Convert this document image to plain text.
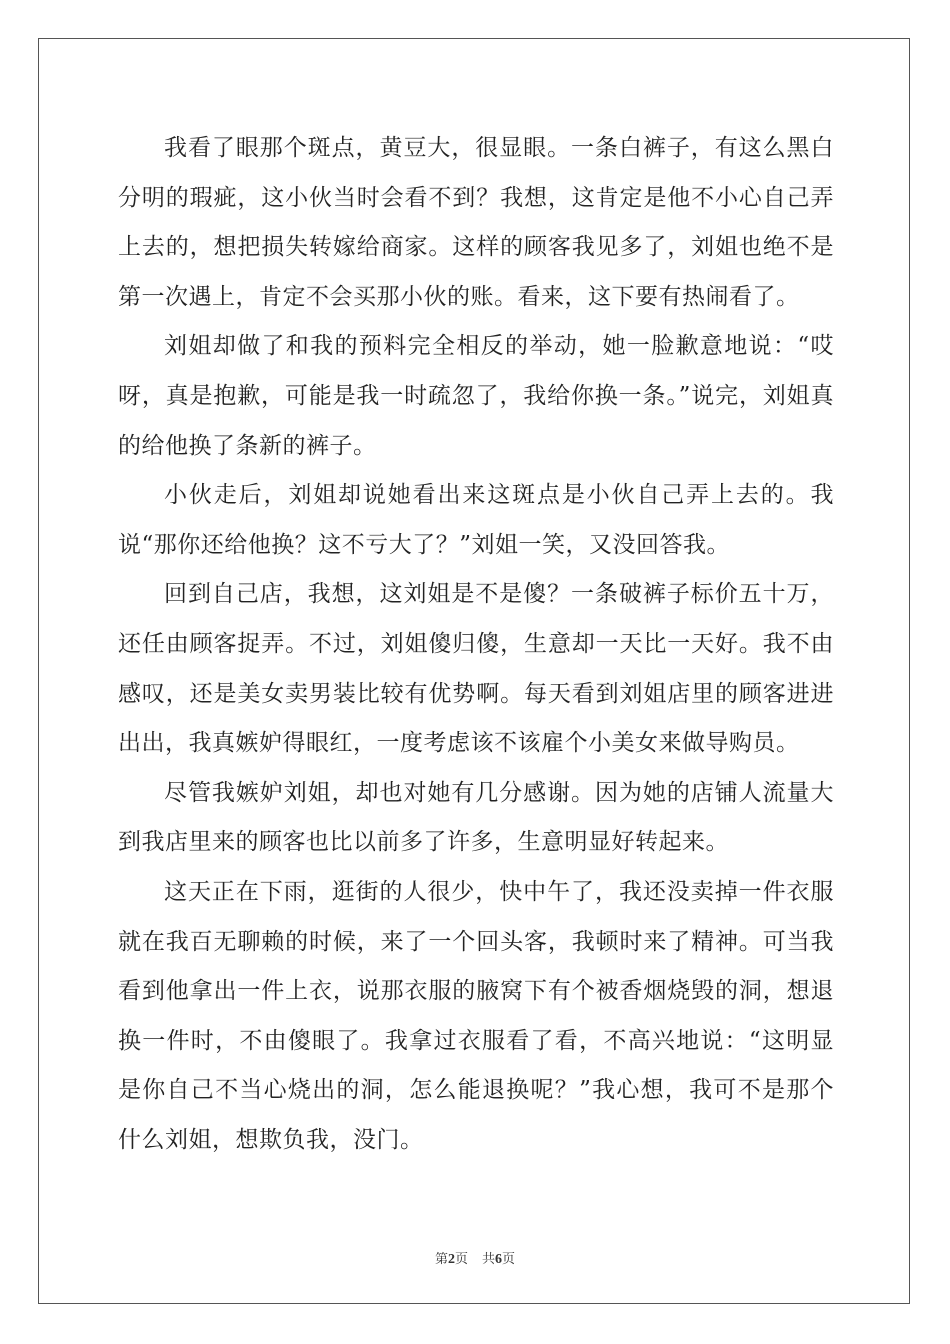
我看了眼那个斑点，黄豆大，很显眼。一条白裤子，有这么黑白分明的瑕疵，这小伙当时会看不到？我想，这肯定是他不小心自己弄上去的，想把损失转嫁给商家。这样的顾客我见多了，刘姐也绝不是第一次遇上，肯定不会买那小伙的账。看来，这下要有热闹看了。

刘姐却做了和我的预料完全相反的举动，她一脸歉意地说：“哎呀，真是抱歉，可能是我一时疏忽了，我给你换一条。”说完，刘姐真的给他换了条新的裤子。

小伙走后，刘姐却说她看出来这斑点是小伙自己弄上去的。我说“那你还给他换？这不亏大了？”刘姐一笑，又没回答我。

回到自己店，我想，这刘姐是不是傻？一条破裤子标价五十万，还任由顾客捉弄。不过，刘姐傻归傻，生意却一天比一天好。我不由感叹，还是美女卖男装比较有优势啊。每天看到刘姐店里的顾客进进出出，我真嫉妒得眼红，一度考虑该不该雇个小美女来做导购员。

尽管我嫉妒刘姐，却也对她有几分感谢。因为她的店铺人流量大到我店里来的顾客也比以前多了许多，生意明显好转起来。

这天正在下雨，逛街的人很少，快中午了，我还没卖掉一件衣服就在我百无聊赖的时候，来了一个回头客，我顿时来了精神。可当我看到他拿出一件上衣，说那衣服的腋窝下有个被香烟烧毁的洞，想退换一件时，不由傻眼了。我拿过衣服看了看，不高兴地说：“这明显是你自己不当心烧出的洞，怎么能退换呢？”我心想，我可不是那个什么刘姐，想欺负我，没门。

第2页 共6页
